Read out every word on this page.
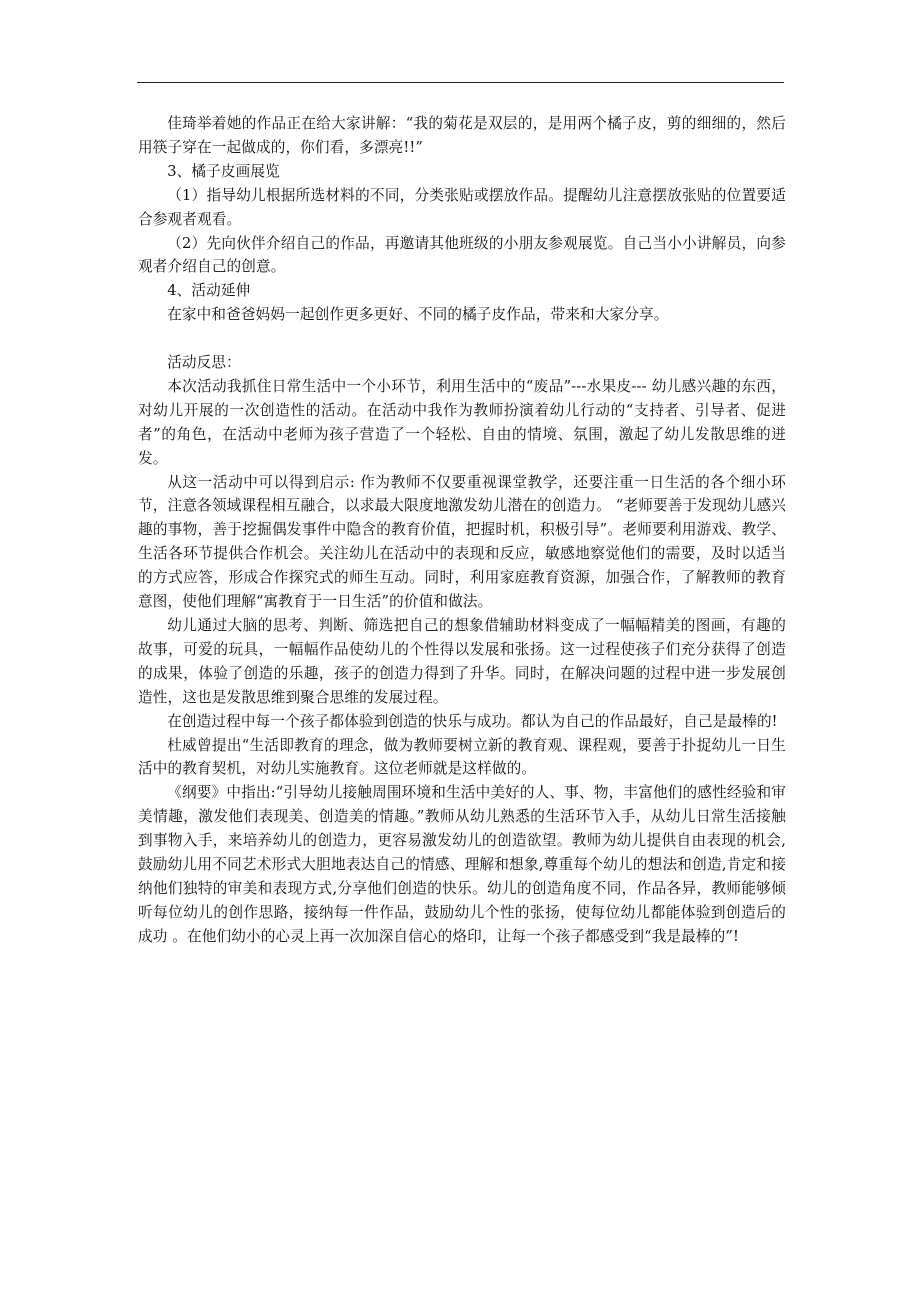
佳琦举着她的作品正在给大家讲解：“我的菊花是双层的，是用两个橘子皮，剪的细细的，然后用筷子穿在一起做成的，你们看，多漂亮!!”

3、橘子皮画展览

（1）指导幼儿根据所选材料的不同，分类张贴或摆放作品。提醒幼儿注意摆放张贴的位置要适合参观者观看。

（2）先向伙伴介绍自己的作品，再邀请其他班级的小朋友参观展览。自己当小小讲解员，向参观者介绍自己的创意。

4、活动延伸

在家中和爸爸妈妈一起创作更多更好、不同的橘子皮作品，带来和大家分享。

活动反思：

本次活动我抓住日常生活中一个小环节，利用生活中的“废品”---水果皮--- 幼儿感兴趣的东西，对幼儿开展的一次创造性的活动。在活动中我作为教师扮演着幼儿行动的“支持者、引导者、促进者”的角色，在活动中老师为孩子营造了一个轻松、自由的情境、氛围，激起了幼儿发散思维的迸发。

从这一活动中可以得到启示: 作为教师不仅要重视课堂教学，还要注重一日生活的各个细小环节，注意各领域课程相互融合，以求最大限度地激发幼儿潜在的创造力。 “老师要善于发现幼儿感兴趣的事物，善于挖掘偶发事件中隐含的教育价值，把握时机，积极引导”。老师要利用游戏、教学、生活各环节提供合作机会。关注幼儿在活动中的表现和反应，敏感地察觉他们的需要，及时以适当的方式应答，形成合作探究式的师生互动。同时，利用家庭教育资源，加强合作，了解教师的教育意图，使他们理解“寓教育于一日生活”的价值和做法。

幼儿通过大脑的思考、判断、筛选把自己的想象借辅助材料变成了一幅幅精美的图画，有趣的故事，可爱的玩具，一幅幅作品使幼儿的个性得以发展和张扬。这一过程使孩子们充分获得了创造的成果，体验了创造的乐趣，孩子的创造力得到了升华。同时，在解决问题的过程中进一步发展创造性，这也是发散思维到聚合思维的发展过程。

在创造过程中每一个孩子都体验到创造的快乐与成功。都认为自己的作品最好，自己是最棒的!

杜威曾提出“生活即教育的理念，做为教师要树立新的教育观、课程观，要善于扑捉幼儿一日生活中的教育契机，对幼儿实施教育。这位老师就是这样做的。

《纲要》中指出:“引导幼儿接触周围环境和生活中美好的人、事、物，丰富他们的感性经验和审美情趣，激发他们表现美、创造美的情趣。”教师从幼儿熟悉的生活环节入手，从幼儿日常生活接触到事物入手，来培养幼儿的创造力，更容易激发幼儿的创造欲望。教师为幼儿提供自由表现的机会,鼓励幼儿用不同艺术形式大胆地表达自己的情感、理解和想象,尊重每个幼儿的想法和创造,肯定和接纳他们独特的审美和表现方式,分享他们创造的快乐。幼儿的创造角度不同，作品各异，教师能够倾听每位幼儿的创作思路，接纳每一件作品，鼓励幼儿个性的张扬，使每位幼儿都能体验到创造后的成功 。在他们幼小的心灵上再一次加深自信心的烙印，让每一个孩子都感受到“我是最棒的”!
